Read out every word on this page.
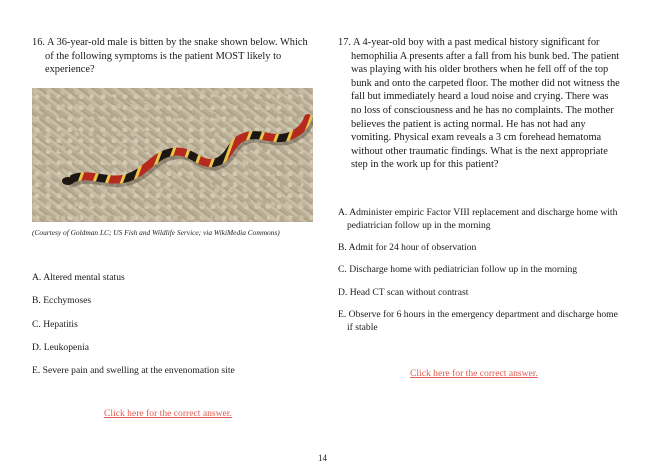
16. A 36-year-old male is bitten by the snake shown below. Which of the following symptoms is the patient MOST likely to experience?

(Courtesy of Goldman LC; US Fish and Wildlife Service; via WikiMedia Commons)
A. Altered mental status
B. Ecchymoses
C. Hepatitis
D. Leukopenia
E. Severe pain and swelling at the envenomation site
Click here for the correct answer.

17. A 4-year-old boy with a past medical history significant for hemophilia A presents after a fall from his bunk bed. The patient was playing with his older brothers when he fell off of the top bunk and onto the carpeted floor. The mother did not witness the fall but immediately heard a loud noise and crying. There was no loss of consciousness and he has no complaints. The mother believes the patient is acting normal. He has not had any vomiting. Physical exam reveals a 3 cm forehead hematoma without other traumatic findings. What is the next appropriate step in the work up for this patient?

A. Administer empiric Factor VIII replacement and discharge home with pediatrician follow up in the morning
B. Admit for 24 hour of observation
C. Discharge home with pediatrician follow up in the morning
D. Head CT scan without contrast
E. Observe for 6 hours in the emergency department and discharge home if stable
Click here for the correct answer.
14
